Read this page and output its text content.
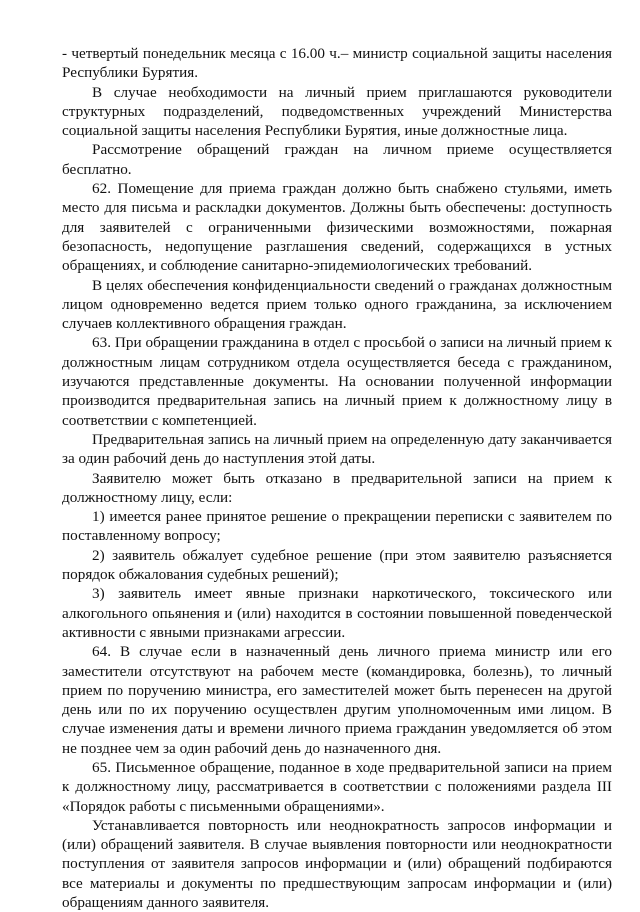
- четвертый понедельник месяца с 16.00 ч.– министр социальной защиты населения Республики Бурятия.

В случае необходимости на личный прием приглашаются руководители структурных подразделений, подведомственных учреждений Министерства социальной защиты населения Республики Бурятия, иные должностные лица.

Рассмотрение обращений граждан на личном приеме осуществляется бесплатно.

62. Помещение для приема граждан должно быть снабжено стульями, иметь место для письма и раскладки документов. Должны быть обеспечены: доступность для заявителей с ограниченными физическими возможностями, пожарная безопасность, недопущение разглашения сведений, содержащихся в устных обращениях, и соблюдение санитарно-эпидемиологических требований.

В целях обеспечения конфиденциальности сведений о гражданах должностным лицом одновременно ведется прием только одного гражданина, за исключением случаев коллективного обращения граждан.

63. При обращении гражданина в отдел с просьбой о записи на личный прием к должностным лицам сотрудником отдела осуществляется беседа с гражданином, изучаются представленные документы. На основании полученной информации производится предварительная запись на личный прием к должностному лицу в соответствии с компетенцией.

Предварительная запись на личный прием на определенную дату заканчивается за один рабочий день до наступления этой даты.

Заявителю может быть отказано в предварительной записи на прием к должностному лицу, если:

1) имеется ранее принятое решение о прекращении переписки с заявителем по поставленному вопросу;

2) заявитель обжалует судебное решение (при этом заявителю разъясняется порядок обжалования судебных решений);

3) заявитель имеет явные признаки наркотического, токсического или алкогольного опьянения и (или) находится в состоянии повышенной поведенческой активности с явными признаками агрессии.

64. В случае если в назначенный день личного приема министр или его заместители отсутствуют на рабочем месте (командировка, болезнь), то личный прием по поручению министра, его заместителей может быть перенесен на другой день или по их поручению осуществлен другим уполномоченным ими лицом. В случае изменения даты и времени личного приема гражданин уведомляется об этом не позднее чем за один рабочий день до назначенного дня.

65. Письменное обращение, поданное в ходе предварительной записи на прием к должностному лицу, рассматривается в соответствии с положениями раздела III «Порядок работы с письменными обращениями».

Устанавливается повторность или неоднократность запросов информации и (или) обращений заявителя. В случае выявления повторности или неоднократности поступления от заявителя запросов информации и (или) обращений подбираются все материалы и документы по предшествующим запросам информации и (или) обращениям данного заявителя.
